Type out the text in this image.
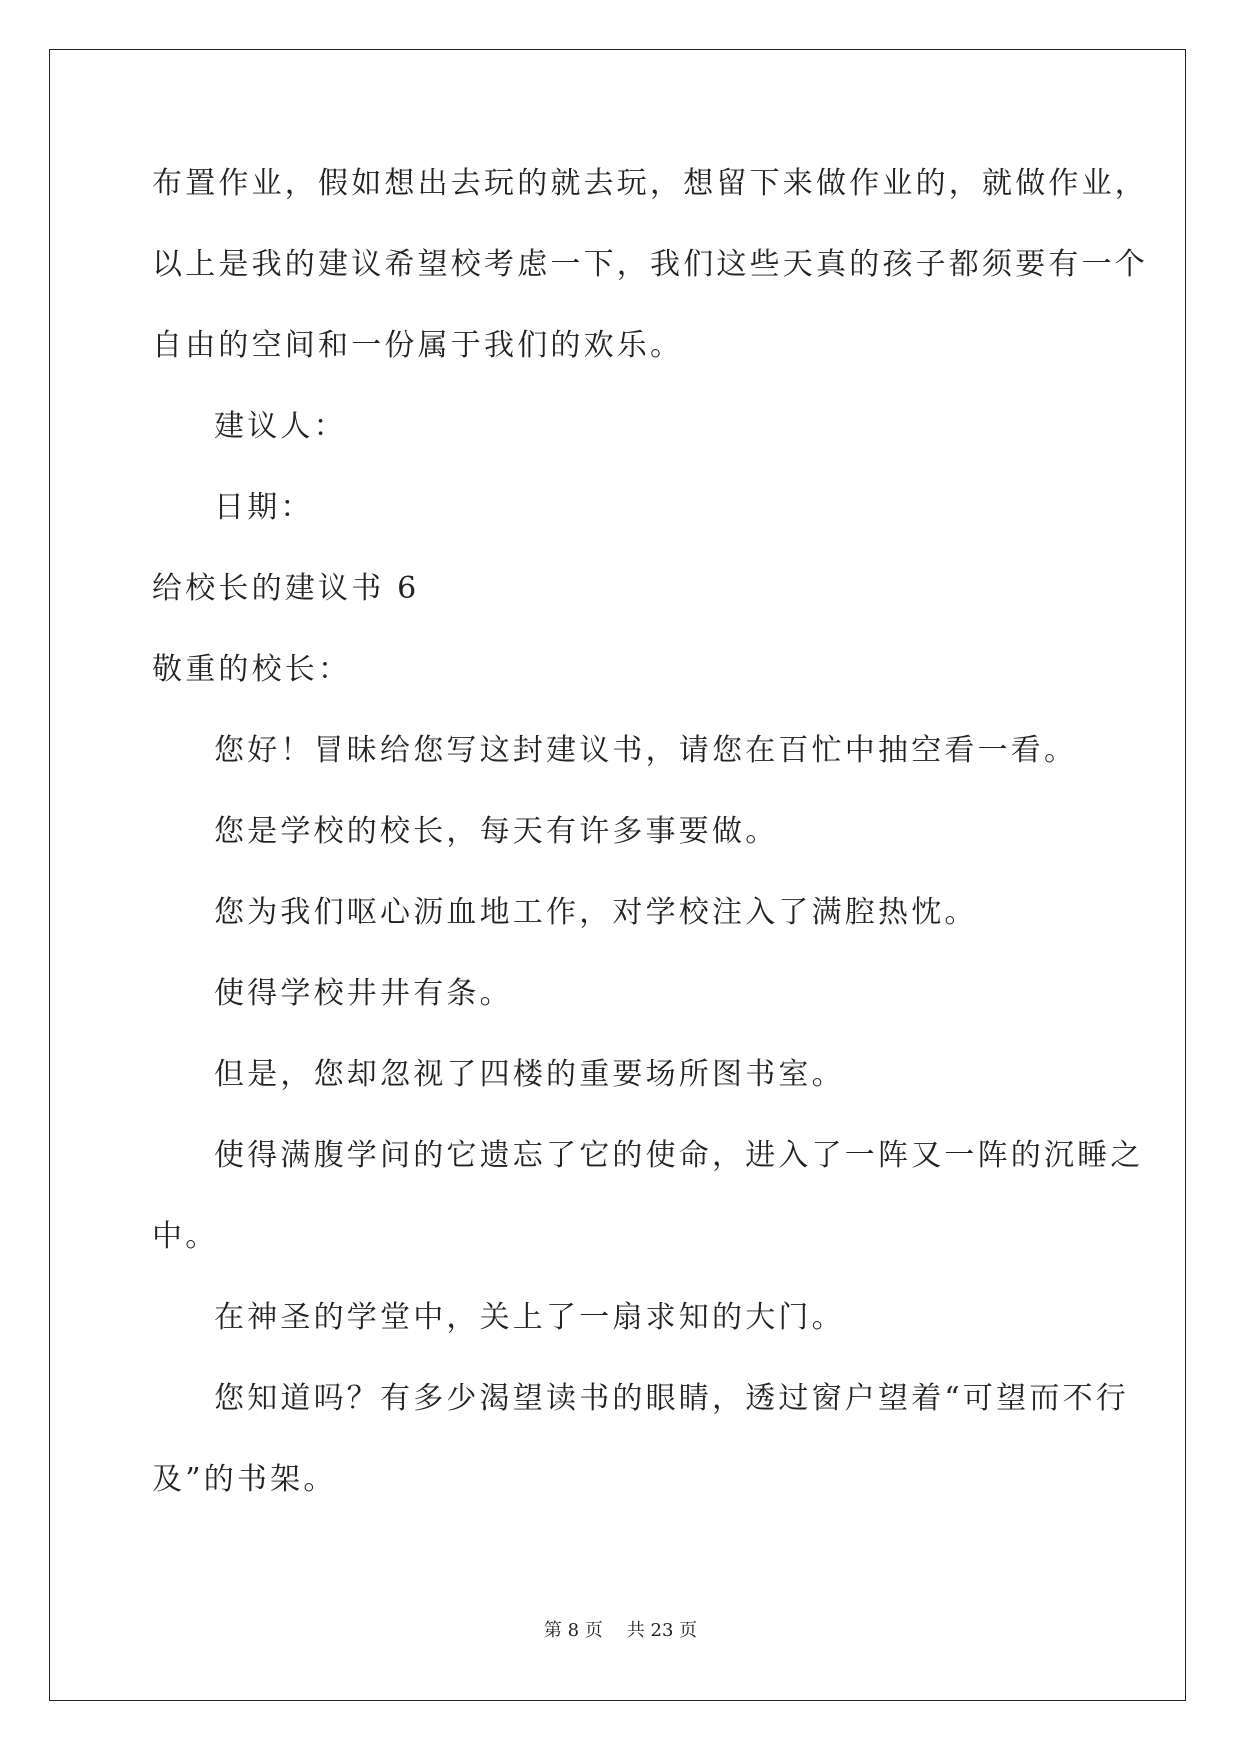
布置作业，假如想出去玩的就去玩，想留下来做作业的，就做作业，
以上是我的建议希望校考虑一下，我们这些天真的孩子都须要有一个
自由的空间和一份属于我们的欢乐。
建议人：
日期：
给校长的建议书 6
敬重的校长：
您好！冒昧给您写这封建议书，请您在百忙中抽空看一看。
您是学校的校长，每天有许多事要做。
您为我们呕心沥血地工作，对学校注入了满腔热忱。
使得学校井井有条。
但是，您却忽视了四楼的重要场所图书室。
使得满腹学问的它遗忘了它的使命，进入了一阵又一阵的沉睡之
中。
在神圣的学堂中，关上了一扇求知的大门。
您知道吗？有多少渴望读书的眼睛，透过窗户望着“可望而不行
及”的书架。
第 8 页 共 23 页
